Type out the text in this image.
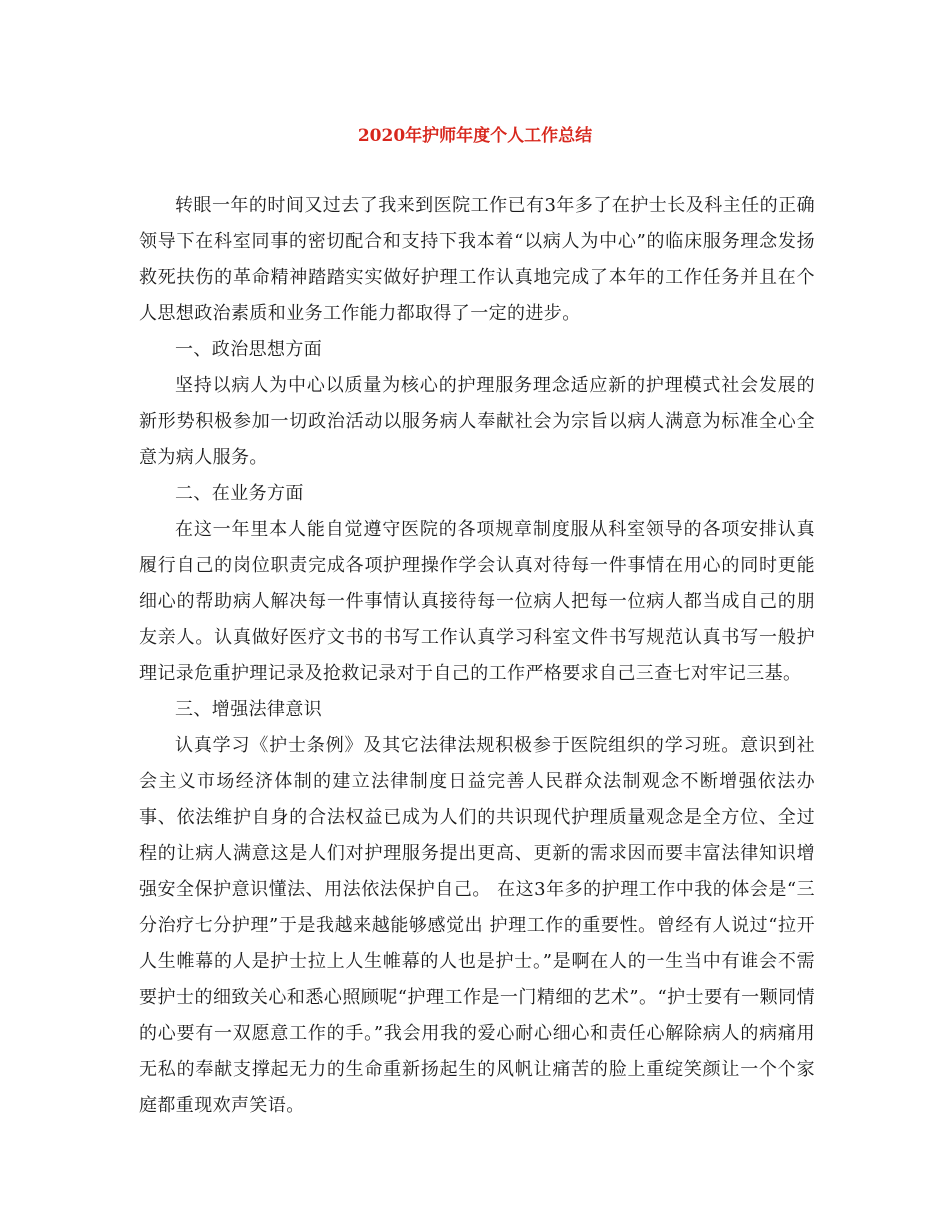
2020年护师年度个人工作总结

转眼一年的时间又过去了我来到医院工作已有3年多了在护士长及科主任的正确领导下在科室同事的密切配合和支持下我本着“以病人为中心”的临床服务理念发扬救死扶伤的革命精神踏踏实实做好护理工作认真地完成了本年的工作任务并且在个人思想政治素质和业务工作能力都取得了一定的进步。

一、政治思想方面

坚持以病人为中心以质量为核心的护理服务理念适应新的护理模式社会发展的新形势积极参加一切政治活动以服务病人奉献社会为宗旨以病人满意为标准全心全意为病人服务。

二、在业务方面

在这一年里本人能自觉遵守医院的各项规章制度服从科室领导的各项安排认真履行自己的岗位职责完成各项护理操作学会认真对待每一件事情在用心的同时更能细心的帮助病人解决每一件事情认真接待每一位病人把每一位病人都当成自己的朋友亲人。认真做好医疗文书的书写工作认真学习科室文件书写规范认真书写一般护理记录危重护理记录及抢救记录对于自己的工作严格要求自己三查七对牢记三基。

三、增强法律意识

认真学习《护士条例》及其它法律法规积极参于医院组织的学习班。意识到社会主义市场经济体制的建立法律制度日益完善人民群众法制观念不断增强依法办事、依法维护自身的合法权益已成为人们的共识现代护理质量观念是全方位、全过程的让病人满意这是人们对护理服务提出更高、更新的需求因而要丰富法律知识增强安全保护意识懂法、用法依法保护自己。 在这3年多的护理工作中我的体会是“三分治疗七分护理”于是我越来越能够感觉出 护理工作的重要性。曾经有人说过“拉开人生帷幕的人是护士拉上人生帷幕的人也是护士。”是啊在人的一生当中有谁会不需要护士的细致关心和悉心照顾呢“护理工作是一门精细的艺术”。“护士要有一颗同情的心要有一双愿意工作的手。”我会用我的爱心耐心细心和责任心解除病人的病痛用无私的奉献支撑起无力的生命重新扬起生的风帆让痛苦的脸上重绽笑颜让一个个家庭都重现欢声笑语。
